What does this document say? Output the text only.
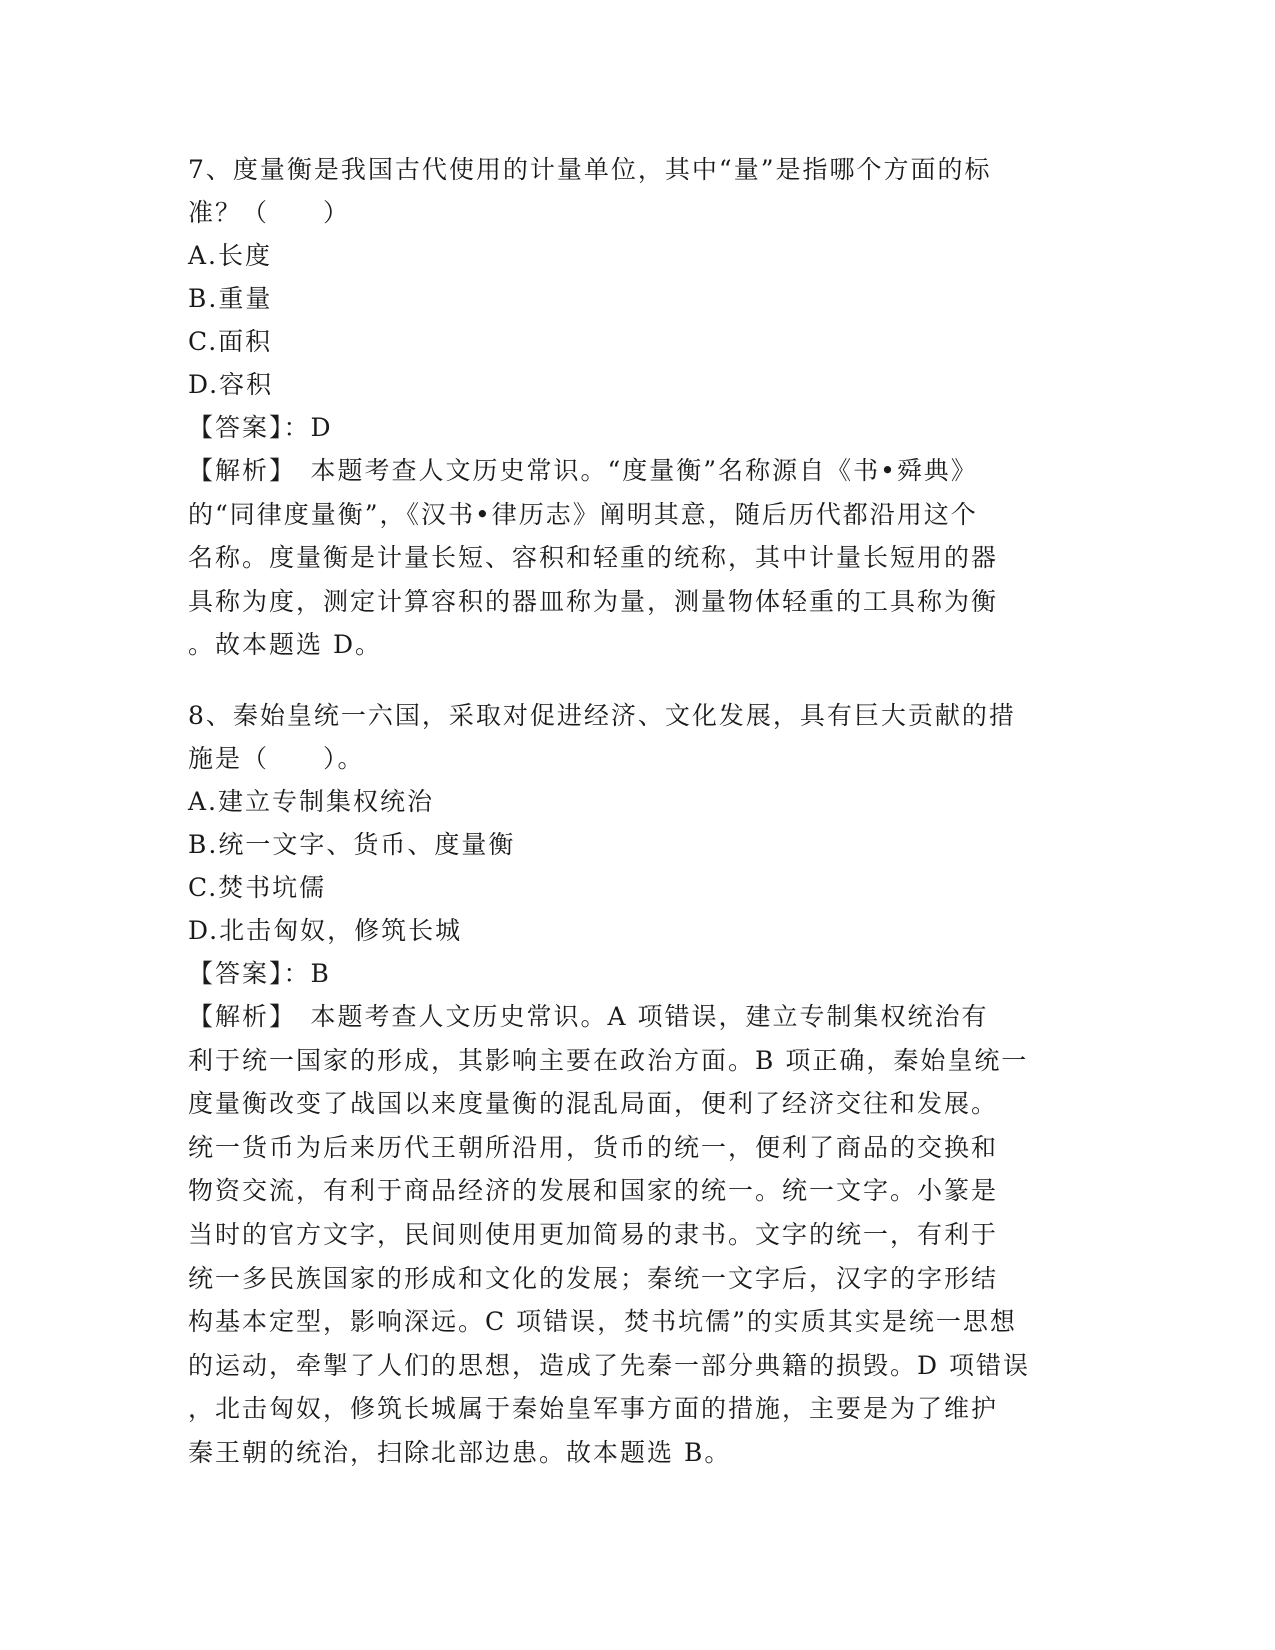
7、度量衡是我国古代使用的计量单位，其中“量”是指哪个方面的标
准？（　　）
A.长度
B.重量
C.面积
D.容积
【答案】：D
【解析】　本题考查人文历史常识。“度量衡”名称源自《书•舜典》
的“同律度量衡”，《汉书•律历志》阐明其意，随后历代都沿用这个
名称。度量衡是计量长短、容积和轻重的统称，其中计量长短用的器
具称为度，测定计算容积的器皿称为量，测量物体轻重的工具称为衡
。故本题选 D。
8、秦始皇统一六国，采取对促进经济、文化发展，具有巨大贡献的措
施是（　　）。
A.建立专制集权统治
B.统一文字、货币、度量衡
C.焚书坑儒
D.北击匈奴，修筑长城
【答案】：B
【解析】　本题考查人文历史常识。A 项错误，建立专制集权统治有
利于统一国家的形成，其影响主要在政治方面。B 项正确，秦始皇统一
度量衡改变了战国以来度量衡的混乱局面，便利了经济交往和发展。
统一货币为后来历代王朝所沿用，货币的统一，便利了商品的交换和
物资交流，有利于商品经济的发展和国家的统一。统一文字。小篆是
当时的官方文字，民间则使用更加简易的隶书。文字的统一，有利于
统一多民族国家的形成和文化的发展；秦统一文字后，汉字的字形结
构基本定型，影响深远。C 项错误，焚书坑儒”的实质其实是统一思想
的运动，牵掣了人们的思想，造成了先秦一部分典籍的损毁。D 项错误
，北击匈奴，修筑长城属于秦始皇军事方面的措施，主要是为了维护
秦王朝的统治，扫除北部边患。故本题选 B。
